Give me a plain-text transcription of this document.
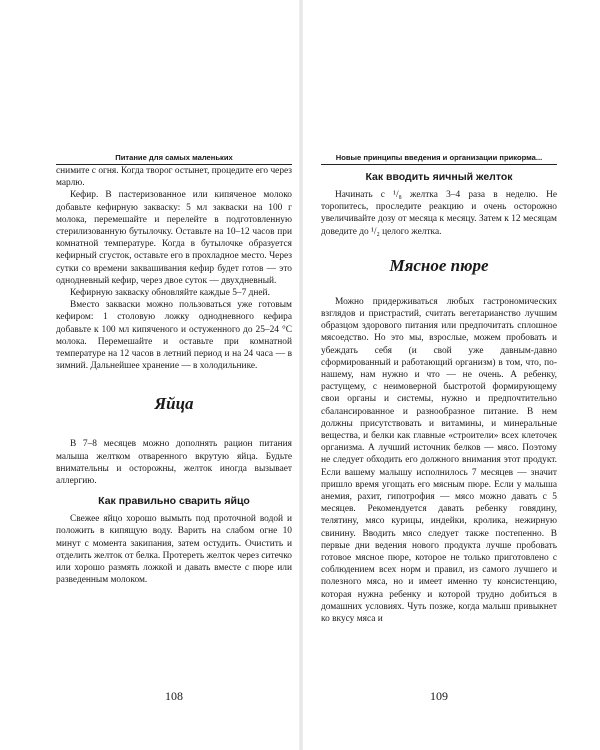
Питание для самых маленьких

снимите с огня. Когда творог остынет, процедите его через марлю.

Кефир. В пастеризованное или кипяченое молоко добавьте кефирную закваску: 5 мл закваски на 100 г молока, перемешайте и перелейте в подготовленную стерилизованную бутылочку. Оставьте на 10–12 часов при комнатной температуре. Когда в бутылочке образуется кефирный сгусток, оставьте его в прохладное место. Через сутки со времени заквашивания кефир будет готов — это однодневный кефир, через двое суток — двухдневный.

Кефирную закваску обновляйте каждые 5–7 дней.

Вместо закваски можно пользоваться уже готовым кефиром: 1 столовую ложку однодневного кефира добавьте к 100 мл кипяченого и остуженного до 25–24 °С молока. Перемешайте и оставьте при комнатной температуре на 12 часов в летний период и на 24 часа — в зимний. Дальнейшее хранение — в холодильнике.

Яйца

В 7–8 месяцев можно дополнять рацион питания малыша желтком отваренного вкрутую яйца. Будьте внимательны и осторожны, желток иногда вызывает аллергию.

Как правильно сварить яйцо

Свежее яйцо хорошо вымыть под проточной водой и положить в кипящую воду. Варить на слабом огне 10 минут с момента закипания, затем остудить. Очистить и отделить желток от белка. Протереть желток через ситечко или хорошо размять ложкой и давать вместе с пюре или разведенным молоком.

108
Новые принципы введения и организации прикорма...
Как вводить яичный желток

Начинать с ¹/₈ желтка 3–4 раза в неделю. Не торопитесь, проследите реакцию и очень осторожно увеличивайте дозу от месяца к месяцу. Затем к 12 месяцам доведите до ¹/₂ целого желтка.

Мясное пюре

Можно придерживаться любых гастрономических взглядов и пристрастий, считать вегетарианство лучшим образцом здорового питания или предпочитать сплошное мясоедство. Но это мы, взрослые, можем пробовать и убеждать себя (и свой уже давным-давно сформированный и работающий организм) в том, что, по-нашему, нам нужно и что — не очень. А ребенку, растущему, с неимоверной быстротой формирующему свои органы и системы, нужно и предпочтительно сбалансированное и разнообразное питание. В нем должны присутствовать и витамины, и минеральные вещества, и белки как главные «строители» всех клеточек организма. А лучший источник белков — мясо. Поэтому не следует обходить его должного внимания этот продукт. Если вашему малышу исполнилось 7 месяцев — значит пришло время угощать его мясным пюре. Если у малыша анемия, рахит, гипотрофия — мясо можно давать с 5 месяцев. Рекомендуется давать ребенку говядину, телятину, мясо курицы, индейки, кролика, нежирную свинину. Вводить мясо следует также постепенно. В первые дни ведения нового продукта лучше пробовать готовое мясное пюре, которое не только приготовлено с соблюдением всех норм и правил, из самого лучшего и полезного мяса, но и имеет именно ту консистенцию, которая нужна ребенку и которой трудно добиться в домашних условиях. Чуть позже, когда малыш привыкнет ко вкусу мяса и

109
